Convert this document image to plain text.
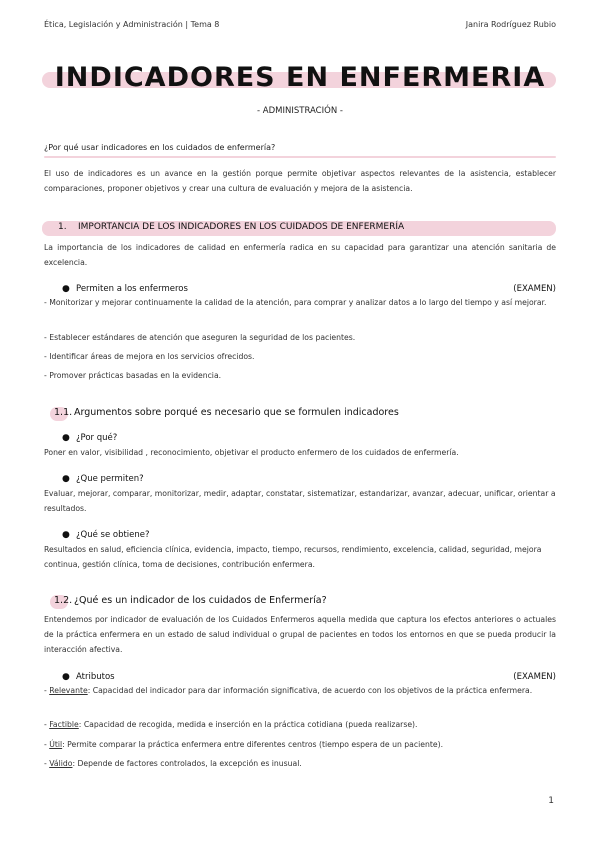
Ética, Legislación y Administración | Tema 8	Janira Rodríguez Rubio
INDICADORES EN ENFERMERIA
- ADMINISTRACIÓN -
¿Por qué usar indicadores en los cuidados de enfermería?
El uso de indicadores es un avance en la gestión porque permite objetivar aspectos relevantes de la asistencia, establecer comparaciones, proponer objetivos y crear una cultura de evaluación y mejora de la asistencia.
1. IMPORTANCIA DE LOS INDICADORES EN LOS CUIDADOS DE ENFERMERÍA
La importancia de los indicadores de calidad en enfermería radica en su capacidad para garantizar una atención sanitaria de excelencia.
● Permiten a los enfermeros	(EXAMEN)
- Monitorizar y mejorar continuamente la calidad de la atención, para comprar y analizar datos a lo largo del tiempo y así mejorar.
- Establecer estándares de atención que aseguren la seguridad de los pacientes.
- Identificar áreas de mejora en los servicios ofrecidos.
- Promover prácticas basadas en la evidencia.
1.1. Argumentos sobre porqué es necesario que se formulen indicadores
● ¿Por qué?
Poner en valor, visibilidad , reconocimiento, objetivar el producto enfermero de los cuidados de enfermería.
● ¿Que permiten?
Evaluar, mejorar, comparar, monitorizar, medir, adaptar, constatar, sistematizar, estandarizar, avanzar, adecuar, unificar, orientar a resultados.
● ¿Qué se obtiene?
Resultados en salud, eficiencia clínica, evidencia, impacto, tiempo, recursos, rendimiento, excelencia, calidad, seguridad, mejora continua, gestión clínica, toma de decisiones, contribución enfermera.
1.2. ¿Qué es un indicador de los cuidados de Enfermería?
Entendemos por indicador de evaluación de los Cuidados Enfermeros aquella medida que captura los efectos anteriores o actuales de la práctica enfermera en un estado de salud individual o grupal de pacientes en todos los entornos en que se pueda producir la interacción afectiva.
● Atributos	(EXAMEN)
- Relevante: Capacidad del indicador para dar información significativa, de acuerdo con los objetivos de la práctica enfermera.
- Factible: Capacidad de recogida, medida e inserción en la práctica cotidiana (pueda realizarse).
- Útil: Permite comparar la práctica enfermera entre diferentes centros (tiempo espera de un paciente).
- Válido: Depende de factores controlados, la excepción es inusual.
1
